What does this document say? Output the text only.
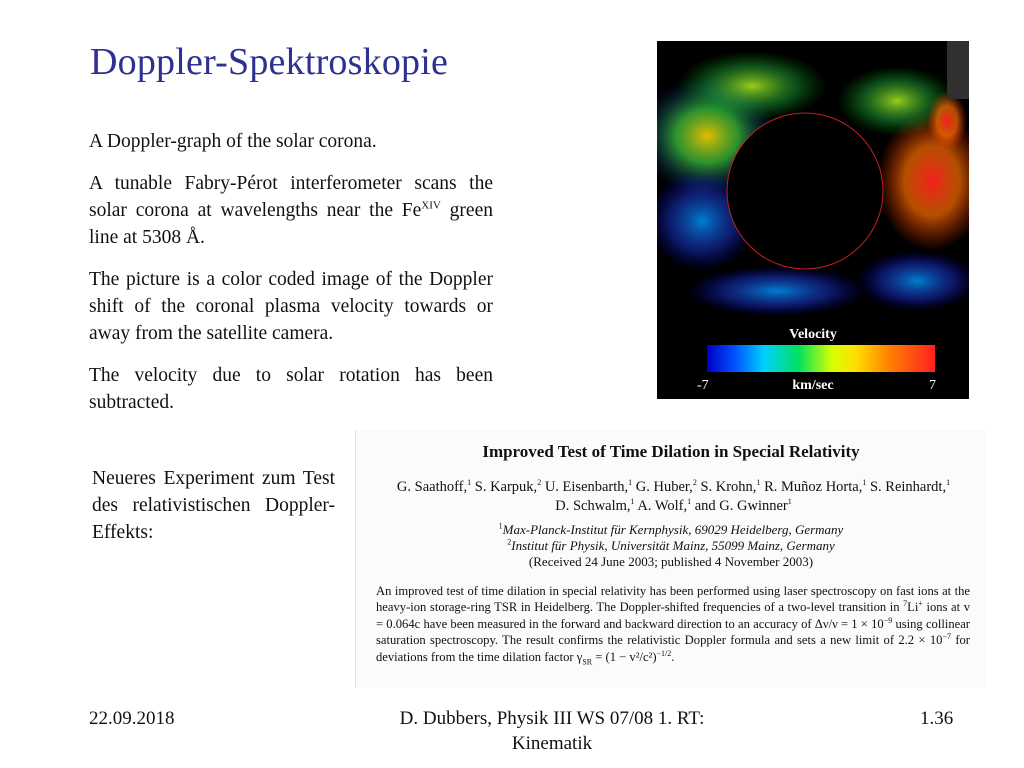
Doppler-Spektroskopie

A Doppler-graph of the solar corona.

A tunable Fabry-Pérot interferometer scans the solar corona at wavelengths near the $Fe^{XIV}$ green line at 5308 Å.

The picture is a color coded image of the Doppler shift of the coronal plasma velocity towards or away from the satellite camera.

The velocity due to solar rotation has been subtracted.

Velocity
-7	km/sec	7
Improved Test of Time Dilation in Special Relativity
G. Saathoff,$^1$ S. Karpuk,$^2$ U. Eisenbarth,$^1$ G. Huber,$^2$ S. Krohn,$^1$ R. Muñoz Horta,$^1$ S. Reinhardt,$^1$
D. Schwalm,$^1$ A. Wolf,$^1$ and G. Gwinner$^1$
$^1$Max-Planck-Institut für Kernphysik, 69029 Heidelberg, Germany
$^2$Institut für Physik, Universität Mainz, 55099 Mainz, Germany
(Received 24 June 2003; published 4 November 2003)
An improved test of time dilation in special relativity has been performed using laser spectroscopy on fast ions at the heavy-ion storage-ring TSR in Heidelberg. The Doppler-shifted frequencies of a two-level transition in $^7$Li+ ions at v = 0.064c have been measured in the forward and backward direction to an accuracy of $\Delta\nu/\nu = 1 \times 10^{-9}$ using collinear saturation spectroscopy. The result confirms the relativistic Doppler formula and sets a new limit of $2.2 \times 10^{-7}$ for deviations from the time dilation factor $\gamma_{SR} = (1 - v^2/c^2)^{-1/2}$.

Neueres Experiment zum Test des relativistischen Doppler-Effekts:

22.09.2018	D. Dubbers, Physik III WS 07/08 1. RT: Kinematik
1.36
